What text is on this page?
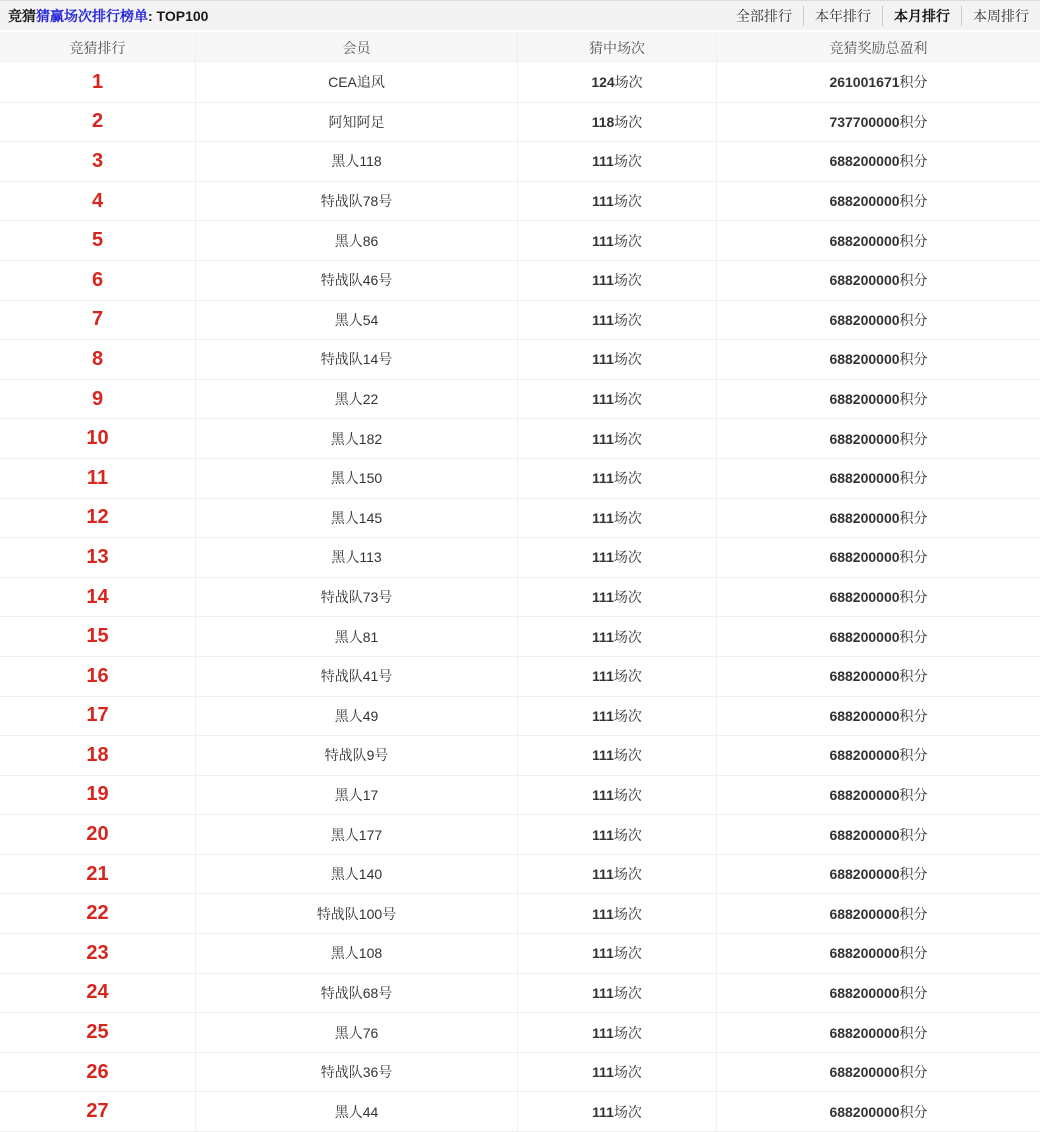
竞猜猜赢场次排行榜单: TOP100	全部排行	本年排行	本月排行	本周排行
竞猜排行	会员	猜中场次	竞猜奖励总盈利
1	CEA追风	124 场次	261001671 积分
2	阿知阿足	118 场次	737700000 积分
3	黑人118	111 场次	688200000 积分
4	特战队78号	111 场次	688200000 积分
5	黑人86	111 场次	688200000 积分
6	特战队46号	111 场次	688200000 积分
7	黑人54	111 场次	688200000 积分
8	特战队14号	111 场次	688200000 积分
9	黑人22	111 场次	688200000 积分
10	黑人182	111 场次	688200000 积分
11	黑人150	111 场次	688200000 积分
12	黑人145	111 场次	688200000 积分
13	黑人113	111 场次	688200000 积分
14	特战队73号	111 场次	688200000 积分
15	黑人81	111 场次	688200000 积分
16	特战队41号	111 场次	688200000 积分
17	黑人49	111 场次	688200000 积分
18	特战队9号	111 场次	688200000 积分
19	黑人17	111 场次	688200000 积分
20	黑人177	111 场次	688200000 积分
21	黑人140	111 场次	688200000 积分
22	特战队100号	111 场次	688200000 积分
23	黑人108	111 场次	688200000 积分
24	特战队68号	111 场次	688200000 积分
25	黑人76	111 场次	688200000 积分
26	特战队36号	111 场次	688200000 积分
27	黑人44	111 场次	688200000 积分
